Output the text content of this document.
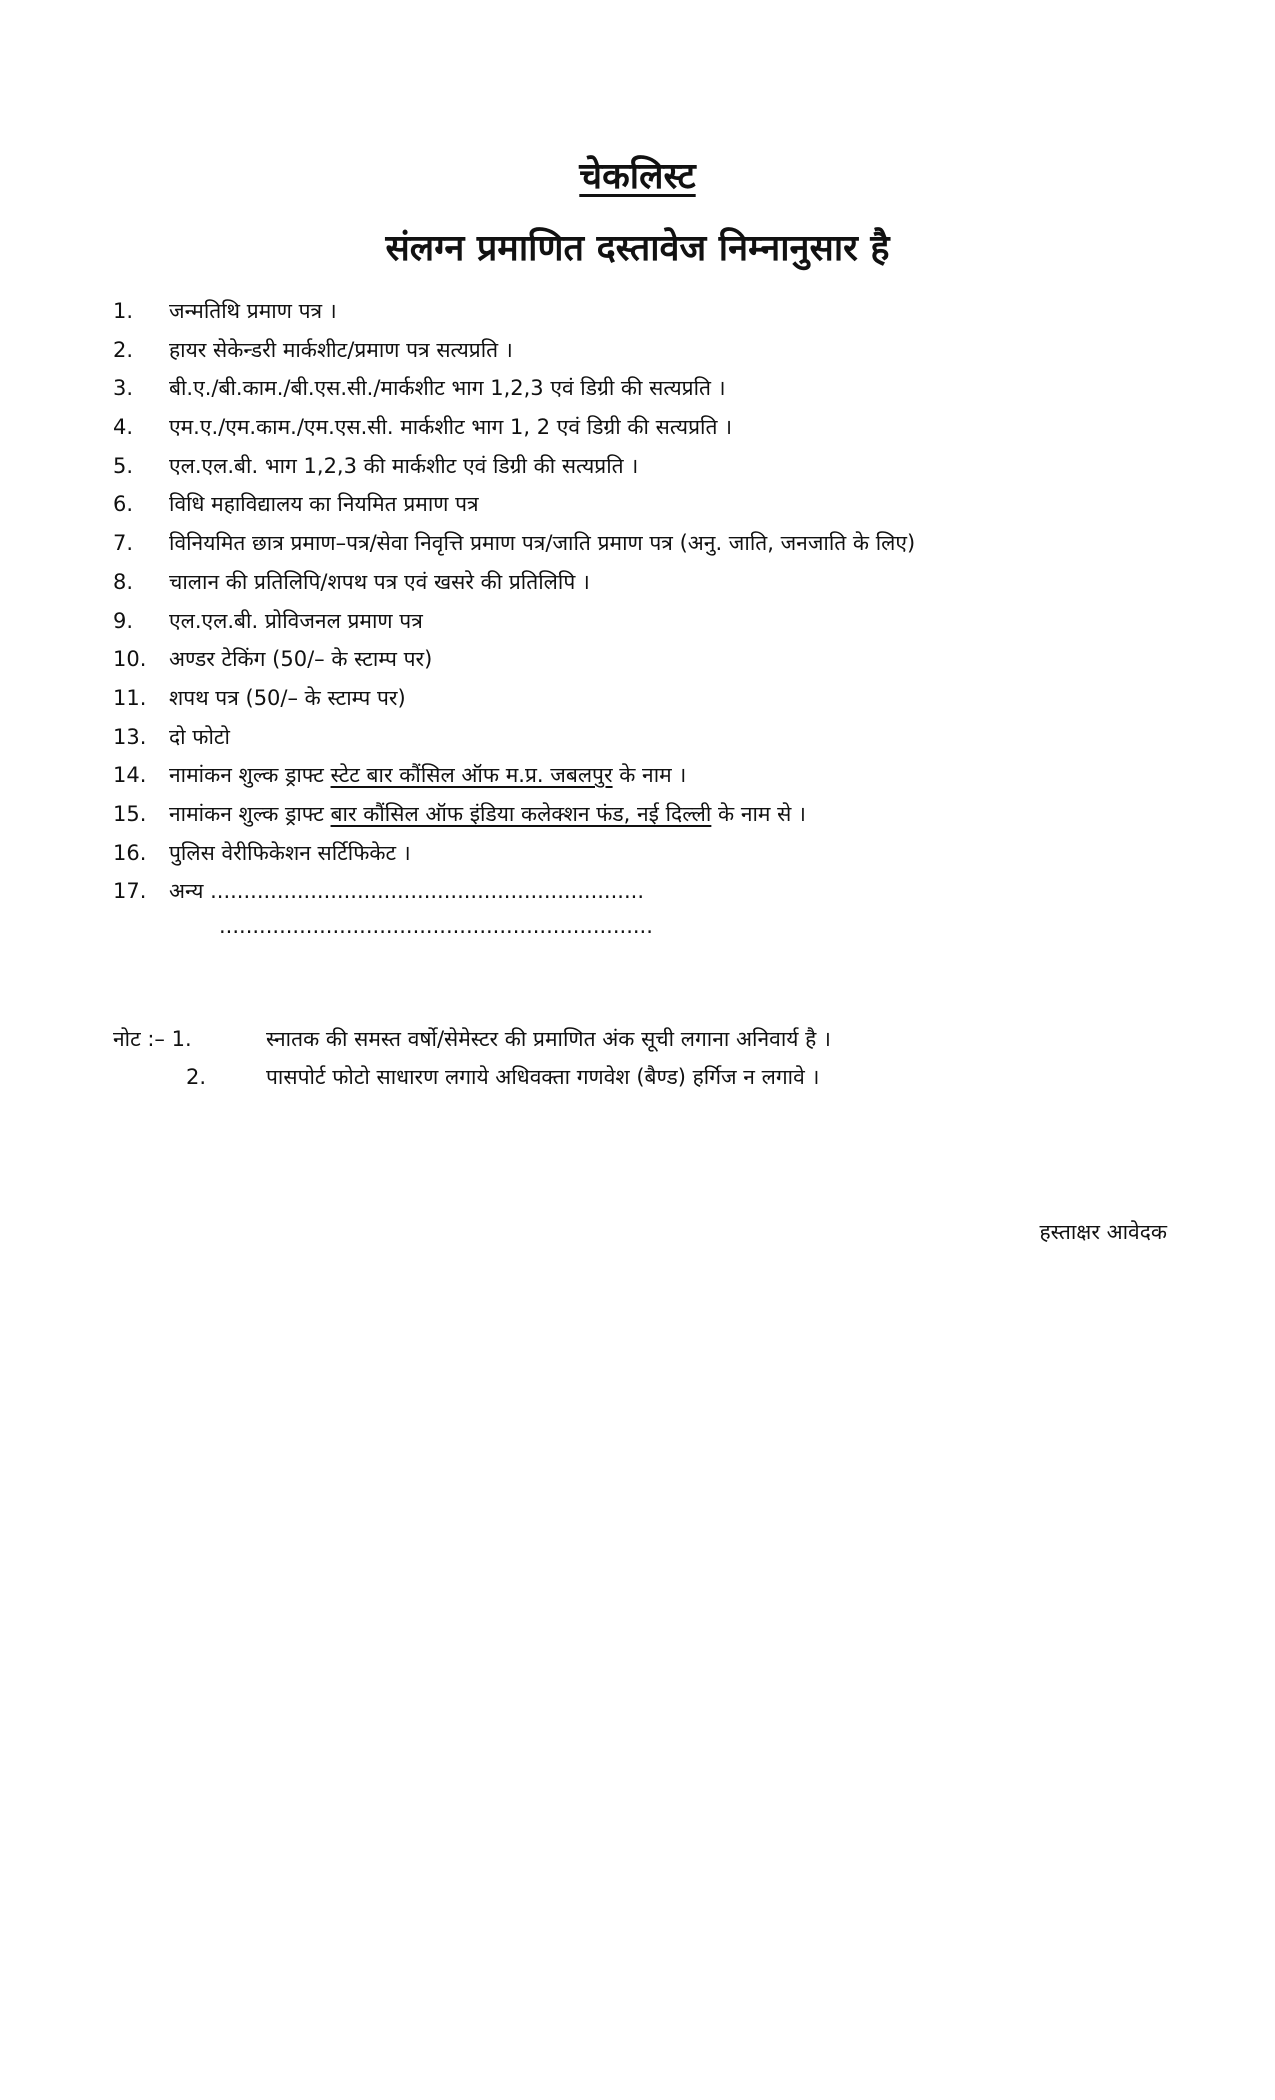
चेकलिस्ट
संलग्न प्रमाणित दस्तावेज निम्नानुसार है
1.	जन्मतिथि प्रमाण पत्र ।
2.	हायर सेकेन्डरी मार्कशीट/प्रमाण पत्र सत्यप्रति ।
3.	बी.ए./बी.काम./बी.एस.सी./मार्कशीट भाग 1,2,3 एवं डिग्री की सत्यप्रति ।
4.	एम.ए./एम.काम./एम.एस.सी. मार्कशीट भाग 1, 2 एवं डिग्री की सत्यप्रति ।
5.	एल.एल.बी. भाग 1,2,3 की मार्कशीट एवं डिग्री की सत्यप्रति ।
6.	विधि महाविद्यालय का नियमित प्रमाण पत्र
7.	विनियमित छात्र प्रमाण–पत्र/सेवा निवृत्ति प्रमाण पत्र/जाति प्रमाण पत्र (अनु. जाति, जनजाति के लिए)
8.	चालान की प्रतिलिपि/शपथ पत्र एवं खसरे की प्रतिलिपि ।
9.	एल.एल.बी. प्रोविजनल प्रमाण पत्र
10.	अण्डर टेकिंग (50/– के स्टाम्प पर)
11.	शपथ पत्र (50/– के स्टाम्प पर)
13.	दो फोटो
14.	नामांकन शुल्क ड्राफ्ट स्टेट बार कौंसिल ऑफ म.प्र. जबलपुर के नाम ।
15.	नामांकन शुल्क ड्राफ्ट बार कौंसिल ऑफ इंडिया कलेक्शन फंड, नई दिल्ली के नाम से ।
16.	पुलिस वेरीफिकेशन सर्टिफिकेट ।
17.	अन्य .................................................................
.................................................................
नोट :– 1.	स्नातक की समस्त वर्षो/सेमेस्टर की प्रमाणित अंक सूची लगाना अनिवार्य है ।
2.	पासपोर्ट फोटो साधारण लगाये अधिवक्ता गणवेश (बैण्ड) हर्गिज न लगावे ।
हस्ताक्षर आवेदक
